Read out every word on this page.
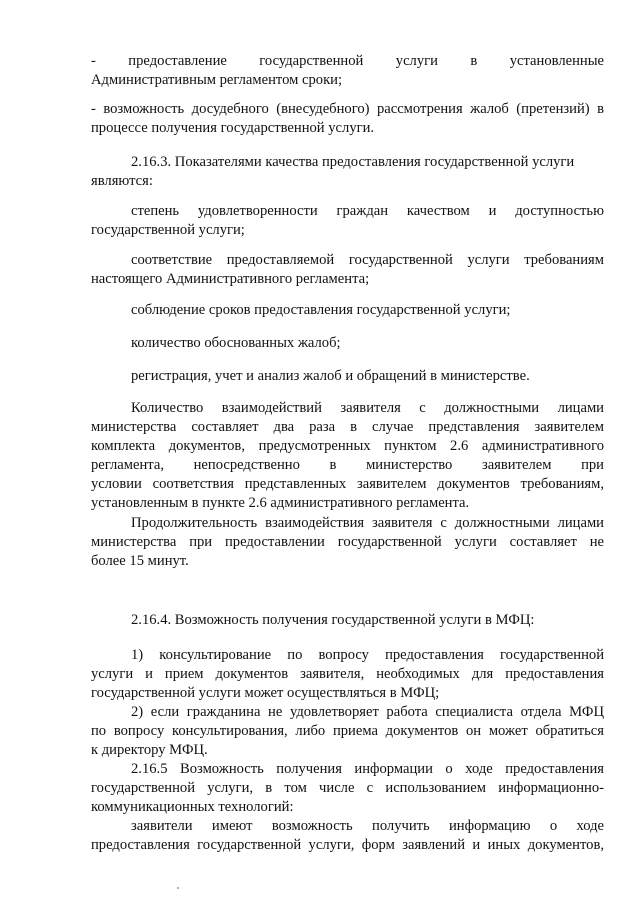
- предоставление государственной услуги в установленные
Административным регламентом сроки;
- возможность досудебного (внесудебного) рассмотрения жалоб (претензий) в
процессе получения государственной услуги.
2.16.3. Показателями качества предоставления государственной услуги
являются:
степень удовлетворенности граждан качеством и доступностью
государственной услуги;
соответствие предоставляемой государственной услуги требованиям
настоящего Административного регламента;
соблюдение сроков предоставления государственной услуги;
количество обоснованных жалоб;
регистрация, учет и анализ жалоб и обращений в министерстве.
Количество взаимодействий заявителя с должностными лицами
министерства составляет два раза в случае представления заявителем
комплекта документов, предусмотренных пунктом 2.6 административного
регламента, непосредственно в министерство заявителем при
условии соответствия представленных заявителем документов требованиям,
установленным в пункте 2.6 административного регламента.
Продолжительность взаимодействия заявителя с должностными лицами
министерства при предоставлении государственной услуги составляет не
более 15 минут.
2.16.4. Возможность получения государственной услуги в МФЦ:
1) консультирование по вопросу предоставления государственной
услуги и прием документов заявителя, необходимых для предоставления
государственной услуги может осуществляться в МФЦ;
2) если гражданина не удовлетворяет работа специалиста отдела МФЦ
по вопросу консультирования, либо приема документов он может обратиться
к директору МФЦ.
2.16.5 Возможность получения информации о ходе предоставления
государственной услуги, в том числе с использованием информационно-
коммуникационных технологий:
заявители имеют возможность получить информацию о ходе
предоставления государственной услуги, форм заявлений и иных документов,
